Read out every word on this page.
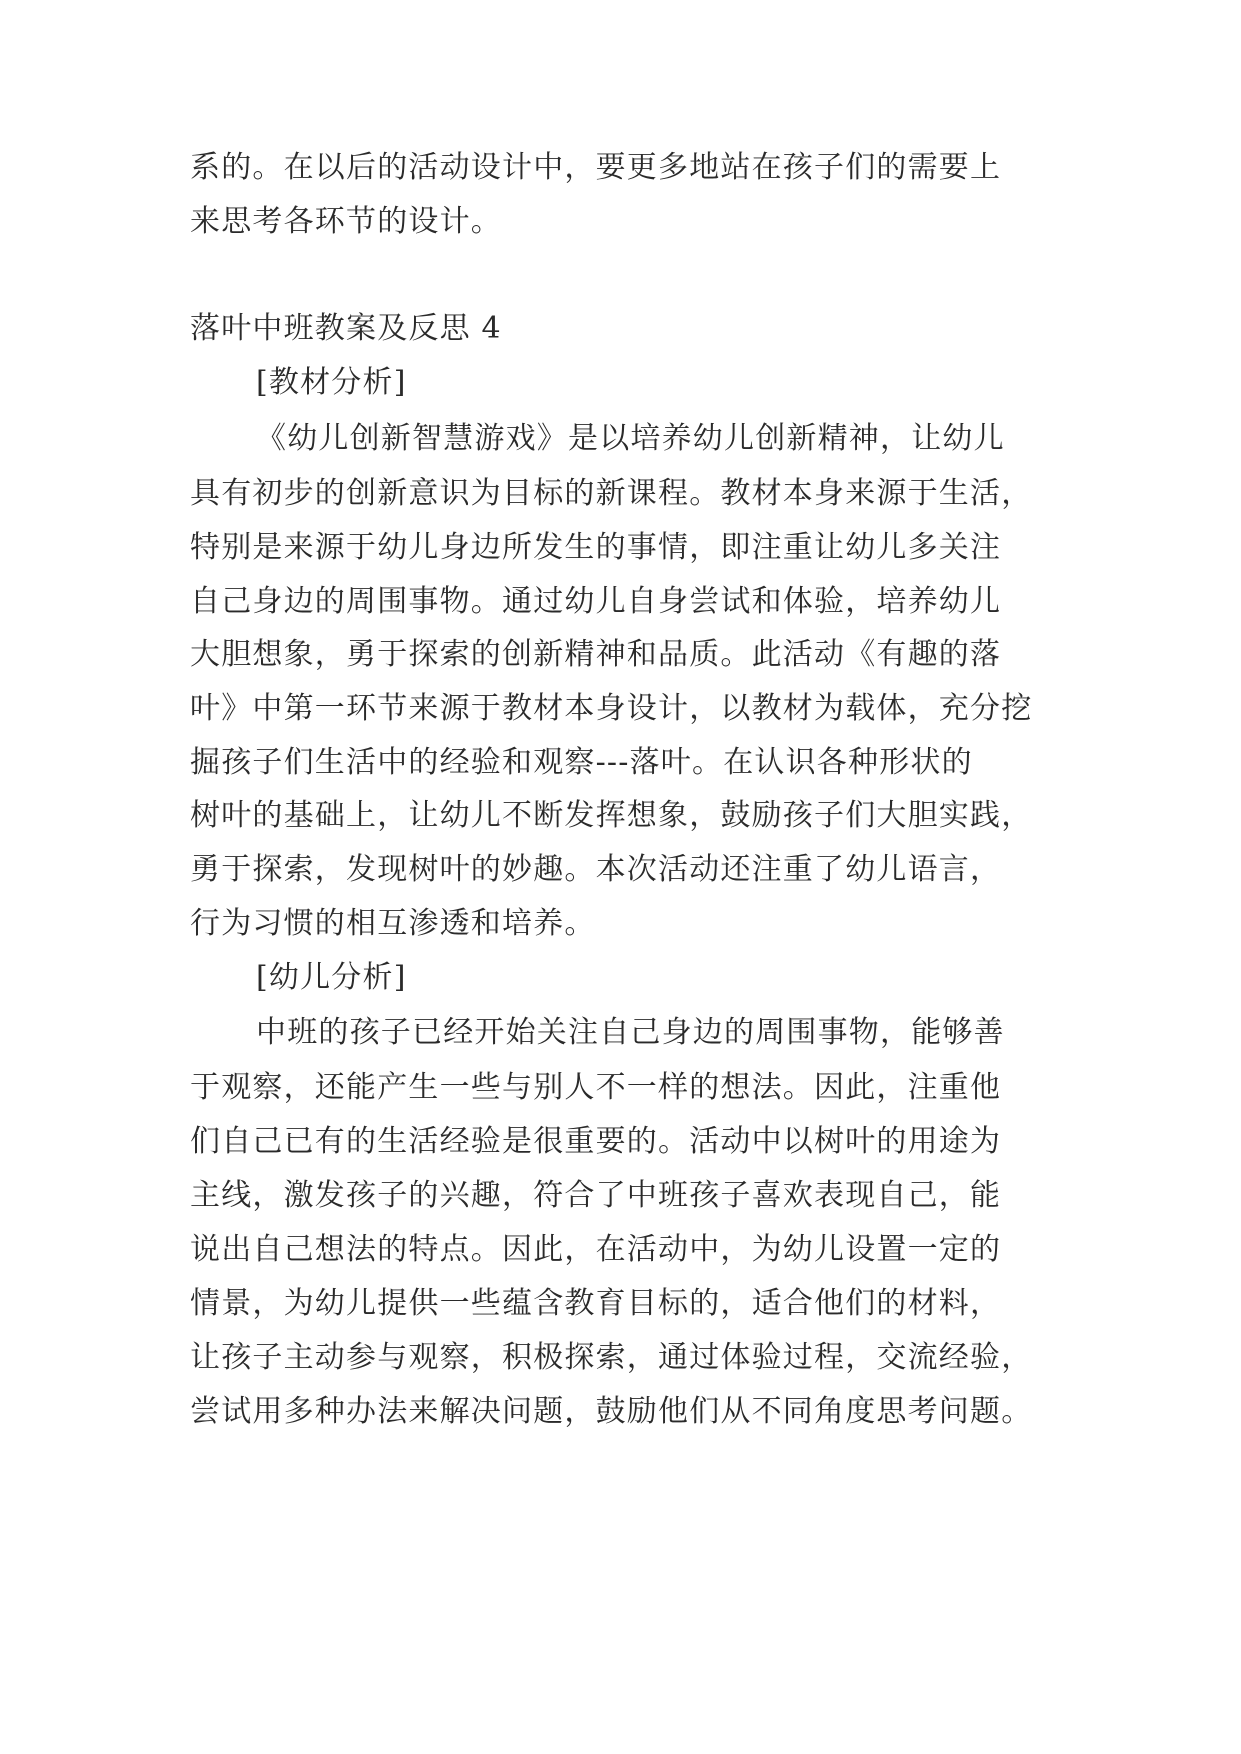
系的。在以后的活动设计中，要更多地站在孩子们的需要上
来思考各环节的设计。
落叶中班教案及反思 4
[教材分析]
《幼儿创新智慧游戏》是以培养幼儿创新精神，让幼儿
具有初步的创新意识为目标的新课程。教材本身来源于生活，
特别是来源于幼儿身边所发生的事情，即注重让幼儿多关注
自己身边的周围事物。通过幼儿自身尝试和体验，培养幼儿
大胆想象，勇于探索的创新精神和品质。此活动《有趣的落
叶》中第一环节来源于教材本身设计，以教材为载体，充分挖
掘孩子们生活中的经验和观察---落叶。在认识各种形状的
树叶的基础上，让幼儿不断发挥想象，鼓励孩子们大胆实践，
勇于探索，发现树叶的妙趣。本次活动还注重了幼儿语言，
行为习惯的相互渗透和培养。
[幼儿分析]
中班的孩子已经开始关注自己身边的周围事物，能够善
于观察，还能产生一些与别人不一样的想法。因此，注重他
们自己已有的生活经验是很重要的。活动中以树叶的用途为
主线，激发孩子的兴趣，符合了中班孩子喜欢表现自己，能
说出自己想法的特点。因此，在活动中，为幼儿设置一定的
情景，为幼儿提供一些蕴含教育目标的，适合他们的材料，
让孩子主动参与观察，积极探索，通过体验过程，交流经验，
尝试用多种办法来解决问题，鼓励他们从不同角度思考问题。
